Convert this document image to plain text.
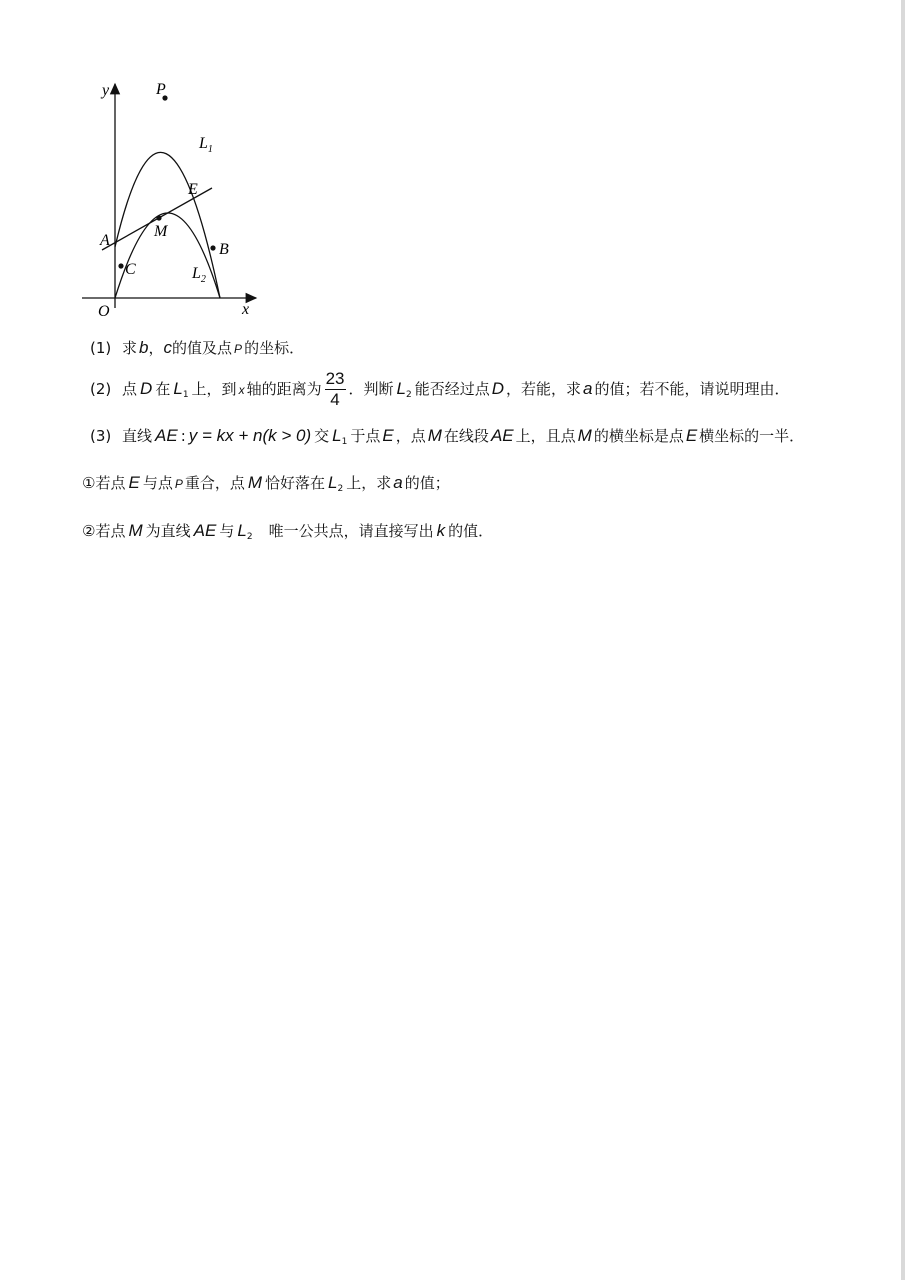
y	P
$L_1$
E
A
M
B
C	$L_2$
O	x
(1) 求 b，c的值及点 P 的坐标．
(2) 点 D 在 $L_1$ 上，到 x 轴的距离为 $\frac{23}{4}$ ．判断 $L_2$ 能否经过点 D ，若能，求 a 的值；若不能，请说明理由．
(3) 直线 AE : y = kx + n(k > 0) 交 $L_1$ 于点 E ，点 M 在线段 AE 上，且点 M 的横坐标是点 E 横坐标的一半．
①若点 E 与点 P 重合，点 M 恰好落在 $L_2$ 上，求 a 的值；
②若点 M 为直线 AE 与 $L_2$ 唯一公共点，请直接写出 k 的值．
